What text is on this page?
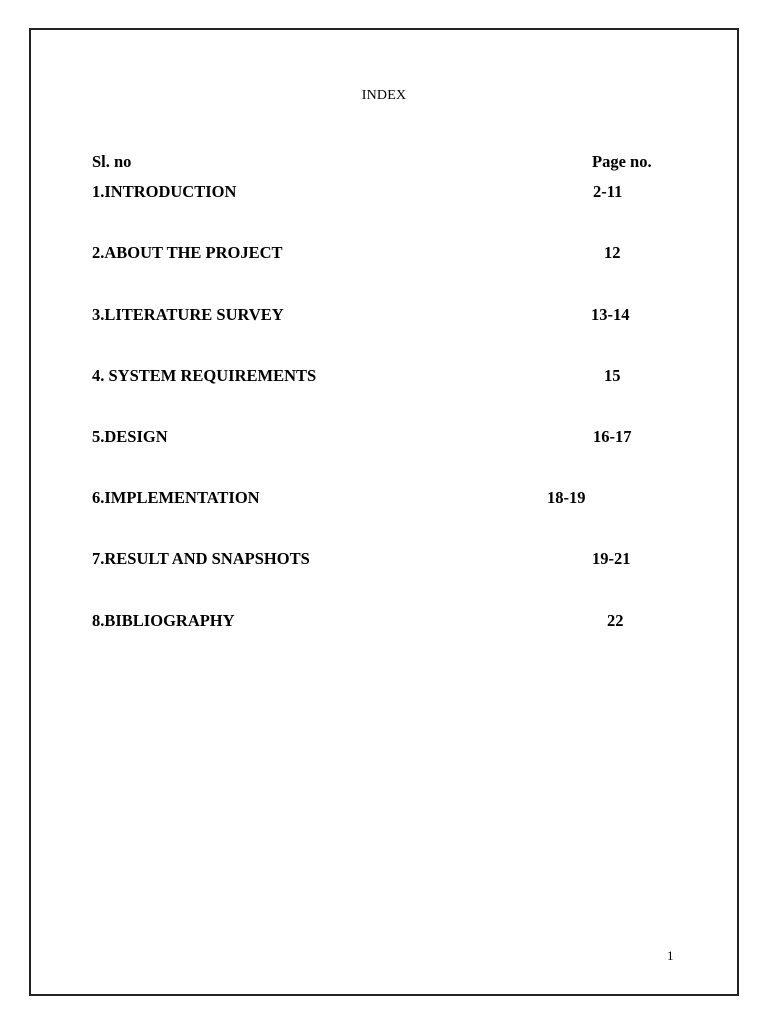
INDEX
Sl. no	Page no.
1.INTRODUCTION	2-11
2.ABOUT THE PROJECT	12
3.LITERATURE SURVEY	13-14
4. SYSTEM REQUIREMENTS	15
5.DESIGN	16-17
6.IMPLEMENTATION	18-19
7.RESULT AND SNAPSHOTS	19-21
8.BIBLIOGRAPHY	22
1
